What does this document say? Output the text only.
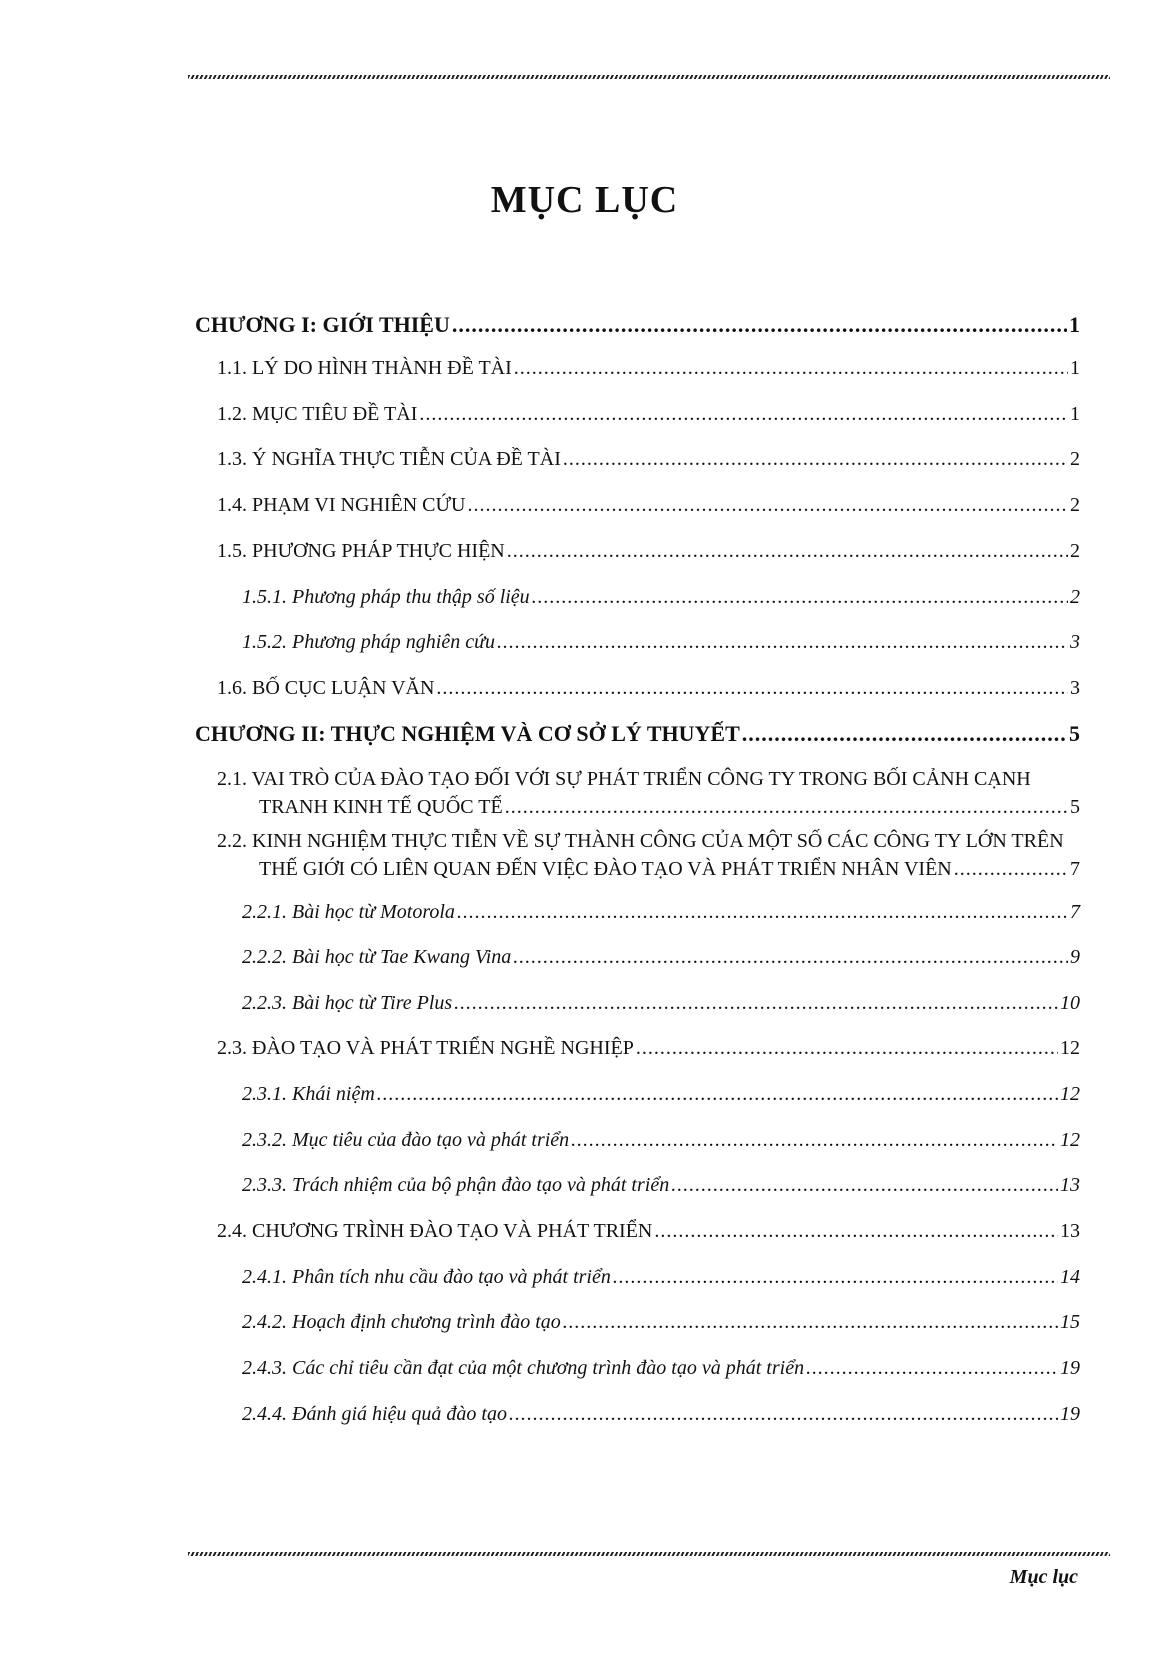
MỤC LỤC
CHƯƠNG I: GIỚI THIỆU .....	1
1.1. LÝ DO HÌNH THÀNH ĐỀ TÀI .....	1
1.2. MỤC TIÊU ĐỀ TÀI .....	1
1.3. Ý NGHĨA THỰC TIỄN CỦA ĐỀ TÀI .....	2
1.4. PHẠM VI NGHIÊN CỨU .....	2
1.5. PHƯƠNG PHÁP THỰC HIỆN .....	2
1.5.1. Phương pháp thu thập số liệu .....	2
1.5.2. Phương pháp nghiên cứu .....	3
1.6. BỐ CỤC LUẬN VĂN .....	3
CHƯƠNG II: THỰC NGHIỆM VÀ CƠ SỞ LÝ THUYẾT .....	5
2.1. VAI TRÒ CỦA ĐÀO TẠO ĐỐI VỚI SỰ PHÁT TRIỂN CÔNG TY TRONG BỐI CẢNH CẠNH
TRANH KINH TẾ QUỐC TẾ .....	5
2.2. KINH NGHIỆM THỰC TIỄN VỀ SỰ THÀNH CÔNG CỦA MỘT SỐ CÁC CÔNG TY LỚN TRÊN
THẾ GIỚI CÓ LIÊN QUAN ĐẾN VIỆC ĐÀO TẠO VÀ PHÁT TRIỂN NHÂN VIÊN .....	7
2.2.1. Bài học từ Motorola .....	7
2.2.2. Bài học từ Tae Kwang Vina .....	9
2.2.3. Bài học từ Tire Plus .....	10
2.3. ĐÀO TẠO VÀ PHÁT TRIỂN NGHỀ NGHIỆP .....	12
2.3.1. Khái niệm .....	12
2.3.2. Mục tiêu của đào tạo và phát triển .....	12
2.3.3. Trách nhiệm của bộ phận đào tạo và phát triển .....	13
2.4. CHƯƠNG TRÌNH ĐÀO TẠO VÀ PHÁT TRIỂN .....	13
2.4.1. Phân tích nhu cầu đào tạo và phát triển .....	14
2.4.2. Hoạch định chương trình đào tạo .....	15
2.4.3. Các chỉ tiêu cần đạt của một chương trình đào tạo và phát triển .....	19
2.4.4. Đánh giá hiệu quả đào tạo .....	19
Mục lục
